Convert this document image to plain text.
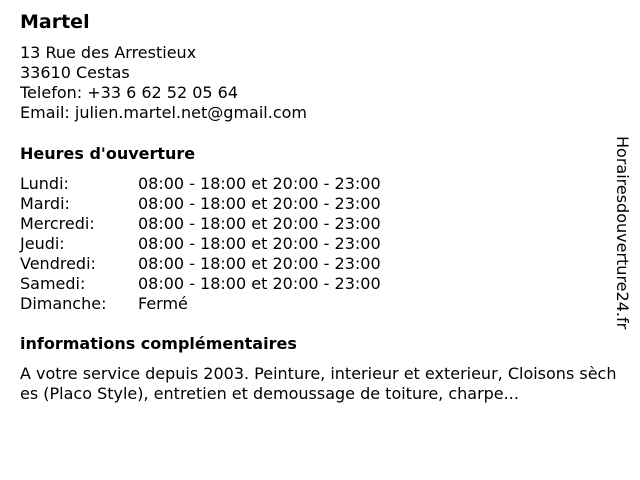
Martel
13 Rue des Arrestieux
33610 Cestas
Telefon: +33 6 62 52 05 64
Email: julien.martel.net@gmail.com
Heures d'ouverture
Lundi:	08:00 - 18:00 et 20:00 - 23:00
Mardi:	08:00 - 18:00 et 20:00 - 23:00
Mercredi:	08:00 - 18:00 et 20:00 - 23:00
Jeudi:	08:00 - 18:00 et 20:00 - 23:00
Vendredi:	08:00 - 18:00 et 20:00 - 23:00
Samedi:	08:00 - 18:00 et 20:00 - 23:00
Dimanche:	Fermé
informations complémentaires
A votre service depuis 2003. Peinture, interieur et exterieur, Cloisons sèches (Placo Style), entretien et demoussage de toiture, charpe...
Horairesdouverture24.fr
